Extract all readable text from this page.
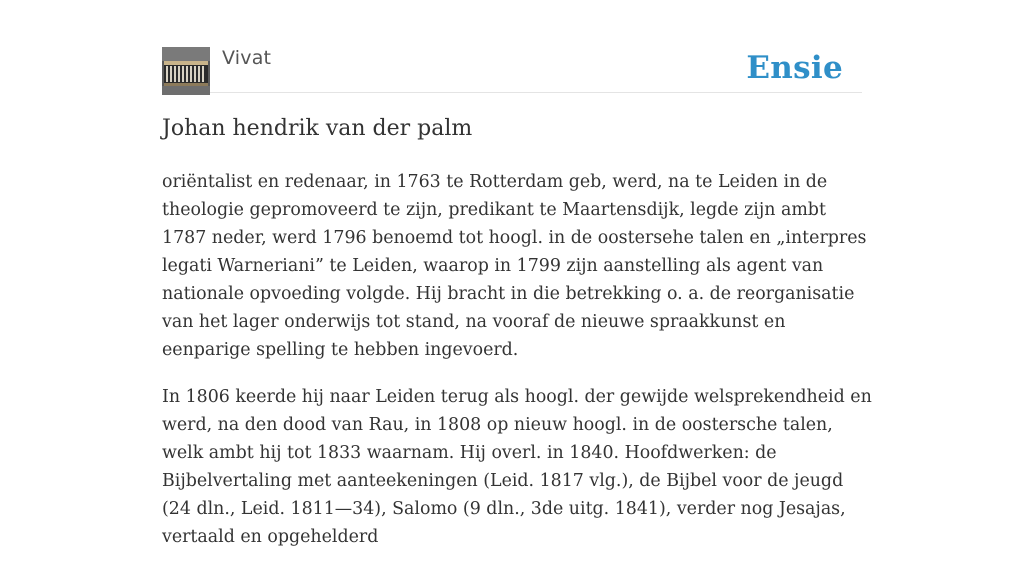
Vivat	Ensie
Johan hendrik van der palm

oriëntalist en redenaar, in 1763 te Rotterdam geb, werd, na te Leiden in de theologie gepromoveerd te zijn, predikant te Maartensdijk, legde zijn ambt 1787 neder, werd 1796 benoemd tot hoogl. in de oostersehe talen en „interpres legati Warneriani” te Leiden, waarop in 1799 zijn aanstelling als agent van nationale opvoeding volgde. Hij bracht in die betrekking o. a. de reorganisatie van het lager onderwijs tot stand, na vooraf de nieuwe spraakkunst en eenparige spelling te hebben ingevoerd.

In 1806 keerde hij naar Leiden terug als hoogl. der gewijde welsprekendheid en werd, na den dood van Rau, in 1808 op nieuw hoogl. in de oostersche talen, welk ambt hij tot 1833 waarnam. Hij overl. in 1840. Hoofdwerken: de Bijbelvertaling met aanteekeningen (Leid. 1817 vlg.), de Bijbel voor de jeugd (24 dln., Leid. 1811—34), Salomo (9 dln., 3de uitg. 1841), verder nog Jesajas, vertaald en opgehelderd
